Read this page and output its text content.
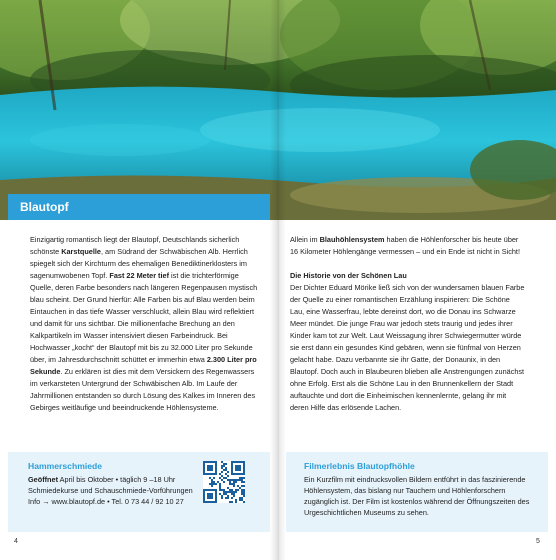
Blautopf

Einzigartig romantisch liegt der Blautopf, Deutschlands sicherlich schönste Karstquelle, am Südrand der Schwäbischen Alb. Herrlich spiegelt sich der Kirchturm des ehemaligen Benediktinerklosters im sagenumwobenen Topf. Fast 22 Meter tief ist die trichterförmige Quelle, deren Farbe besonders nach längeren Regenpausen mystisch blau scheint. Der Grund hierfür: Alle Farben bis auf Blau werden beim Eintauchen in das tiefe Wasser verschluckt, allein Blau wird reflektiert und damit für uns sichtbar. Die millionenfache Brechung an den Kalkpartikeln im Wasser intensiviert diesen Farbeindruck. Bei Hochwasser „kocht“ der Blautopf mit bis zu 32.000 Liter pro Sekunde über, im Jahresdurchschnitt schüttet er immerhin etwa 2.300 Liter pro Sekunde. Zu erklären ist dies mit dem Versickern des Regenwassers im verkarsteten Untergrund der Schwäbischen Alb. Im Laufe der Jahrmillionen entstanden so durch Lösung des Kalkes im Inneren des Gebirges weitläufige und beeindruckende Höhlensysteme.

Allein im Blauhöhlensystem haben die Höhlenforscher bis heute über 16 Kilometer Höhlengänge vermessen – und ein Ende ist nicht in Sicht!

Die Historie von der Schönen Lau

Der Dichter Eduard Mörike ließ sich von der wundersamen blauen Farbe der Quelle zu einer romantischen Erzählung inspirieren: Die Schöne Lau, eine Wasserfrau, lebte dereinst dort, wo die Donau ins Schwarze Meer mündet. Die junge Frau war jedoch stets traurig und jedes ihrer Kinder kam tot zur Welt. Laut Weissagung ihrer Schwiegermutter würde sie erst dann ein gesundes Kind gebären, wenn sie fünfmal von Herzen gelacht habe. Dazu verbannte sie ihr Gatte, der Donaunix, in den Blautopf. Doch auch in Blaubeuren blieben alle Anstrengungen zunächst ohne Erfolg. Erst als die Schöne Lau in den Brunnenkellern der Stadt auftauchte und dort die Einheimischen kennenlernte, gelang ihr mit deren Hilfe das erlösende Lachen.

Hammerschmiede
Geöffnet April bis Oktober • täglich 9 –18 Uhr
Schmiedekurse und Schauschmiede-Vorführungen
Info → www.blautopf.de • Tel. 0 73 44 / 92 10 27
Filmerlebnis Blautopfhöhle
Ein Kurzfilm mit eindrucksvollen Bildern entführt in das faszinierende Höhlensystem, das bislang nur Tauchern und Höhlenforschern zugänglich ist. Der Film ist kostenlos während der Öffnungszeiten des Urgeschichtlichen Museums zu sehen.
4	5
